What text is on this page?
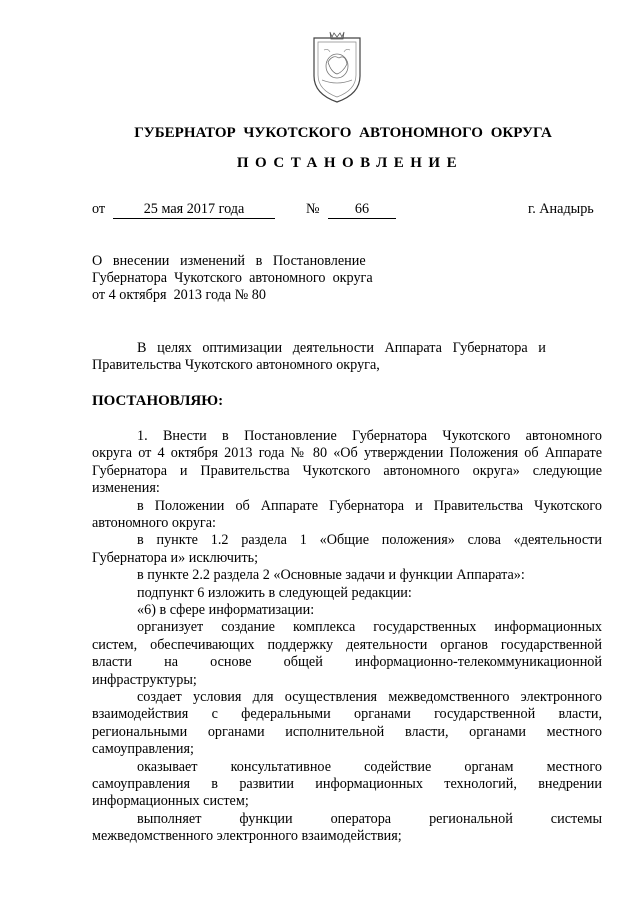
ГУБЕРНАТОР ЧУКОТСКОГО АВТОНОМНОГО ОКРУГА
ПОСТАНОВЛЕНИЕ
от	25 мая 2017 года	№	66	г. Анадырь
О   внесении   изменений   в   Постановление
Губернатора  Чукотского  автономного  округа
от 4 октября  2013 года № 80
В   целях   оптимизации   деятельности   Аппарата   Губернатора   и
Правительства Чукотского автономного округа,
ПОСТАНОВЛЯЮ:
1. Внести в Постановление Губернатора Чукотского автономного
округа от 4 октября 2013 года № 80 «Об утверждении Положения об Аппарате
Губернатора и Правительства Чукотского автономного округа» следующие
изменения:
в Положении об Аппарате Губернатора и Правительства Чукотского
автономного округа:
в пункте 1.2 раздела 1 «Общие положения» слова «деятельности
Губернатора и» исключить;
в пункте 2.2 раздела 2 «Основные задачи и функции Аппарата»:
подпункт 6 изложить в следующей редакции:
«6) в сфере информатизации:
организует создание комплекса государственных информационных
систем, обеспечивающих поддержку деятельности органов государственной
власти на основе общей информационно-телекоммуникационной
инфраструктуры;
создает условия для осуществления межведомственного электронного
взаимодействия с федеральными органами государственной власти,
региональными органами исполнительной власти, органами местного
самоуправления;
оказывает консультативное содействие органам местного
самоуправления в развитии информационных технологий, внедрении
информационных систем;
выполняет функции оператора региональной системы
межведомственного электронного взаимодействия;
